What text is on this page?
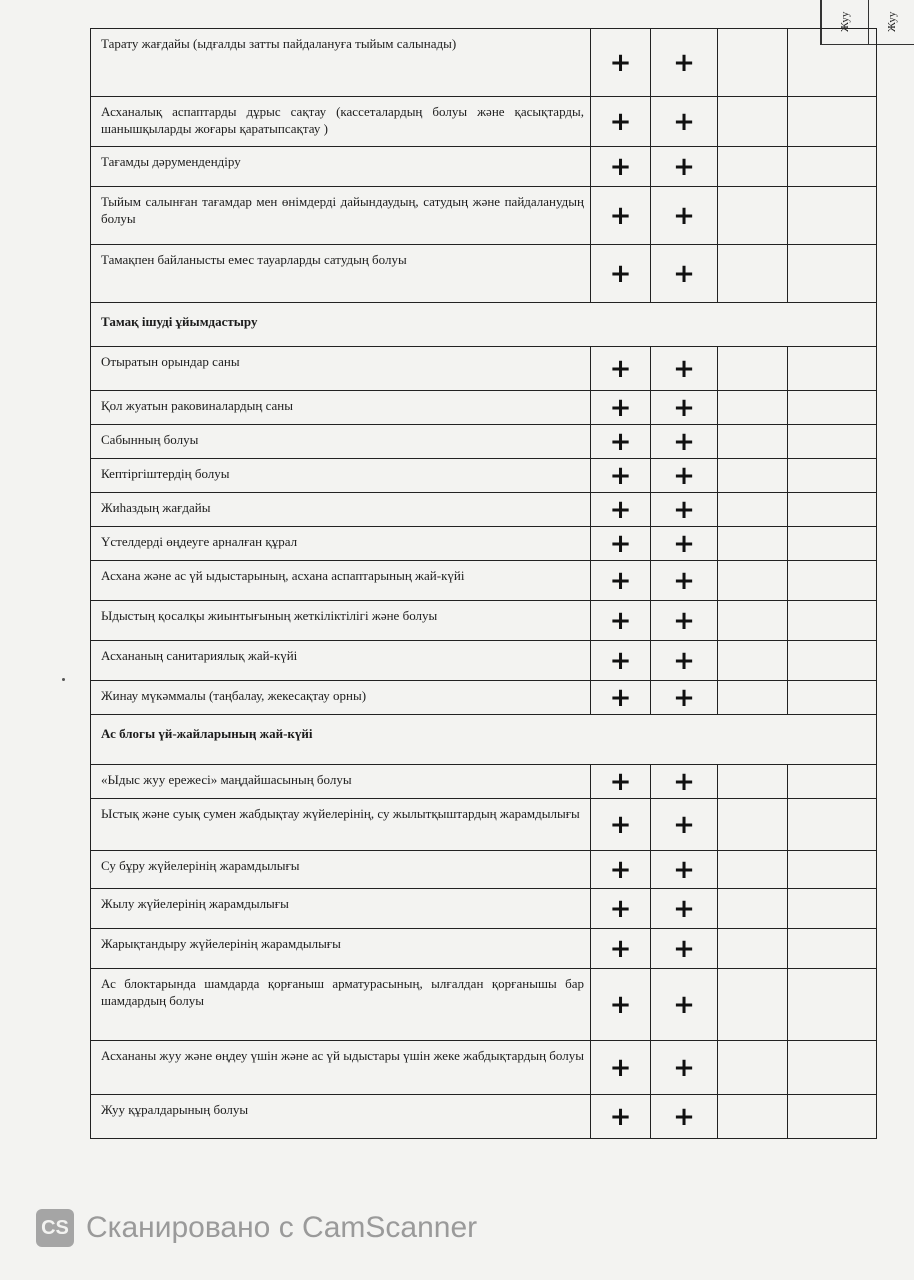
Жуу	Жуу
Тарату жағдайы (ыдғалды затты пайдалануға тыйым салынады)	+	+		
Асханалық аспаптарды дұрыс сақтау (кассеталардың болуы және қасықтарды, шанышқыларды жоғары қаратыпсақтау )	+	+		
Тағамды дәрумендендіру	+	+		
Тыйым салынған тағамдар мен өнімдерді дайындаудың, сатудың және пайдаланудың болуы	+	+		
Тамақпен байланысты емес тауарларды сатудың болуы	+	+		
Тамақ ішуді ұйымдастыру				
Отыратын орындар саны	+	+		
Қол жуатын раковиналардың саны	+	+		
Сабынның болуы	+	+		
Кептіргіштердің болуы	+	+		
Жиһаздың жағдайы	+	+		
Үстелдерді өңдеуге арналған құрал	+	+		
Асхана және ас үй ыдыстарының, асхана аспаптарының жай-күйі	+	+		
Ыдыстың қосалқы жиынтығының жеткіліктілігі және болуы	+	+		
Асхананың санитариялық жай-күйі	+	+		
Жинау мүкәммалы (таңбалау, жекесақтау орны)	+	+		
Ас блогы үй-жайларының жай-күйі				
«Ыдыс жуу ережесі» маңдайшасының болуы	+	+		
Ыстық және суық сумен жабдықтау жүйелерінің, су жылытқыштардың жарамдылығы	+	+		
Су бұру жүйелерінің жарамдылығы	+	+		
Жылу жүйелерінің жарамдылығы	+	+		
Жарықтандыру жүйелерінің жарамдылығы	+	+		
Ас блоктарында шамдарда қорғаныш арматурасының, ылғалдан қорғанышы бар шамдардың болуы	+	+		
Асхананы жуу және өңдеу үшін және ас үй ыдыстары үшін жеке жабдықтардың болуы	+	+		
Жуу құралдарының болуы	+	+		
CS Сканировано с CamScanner
